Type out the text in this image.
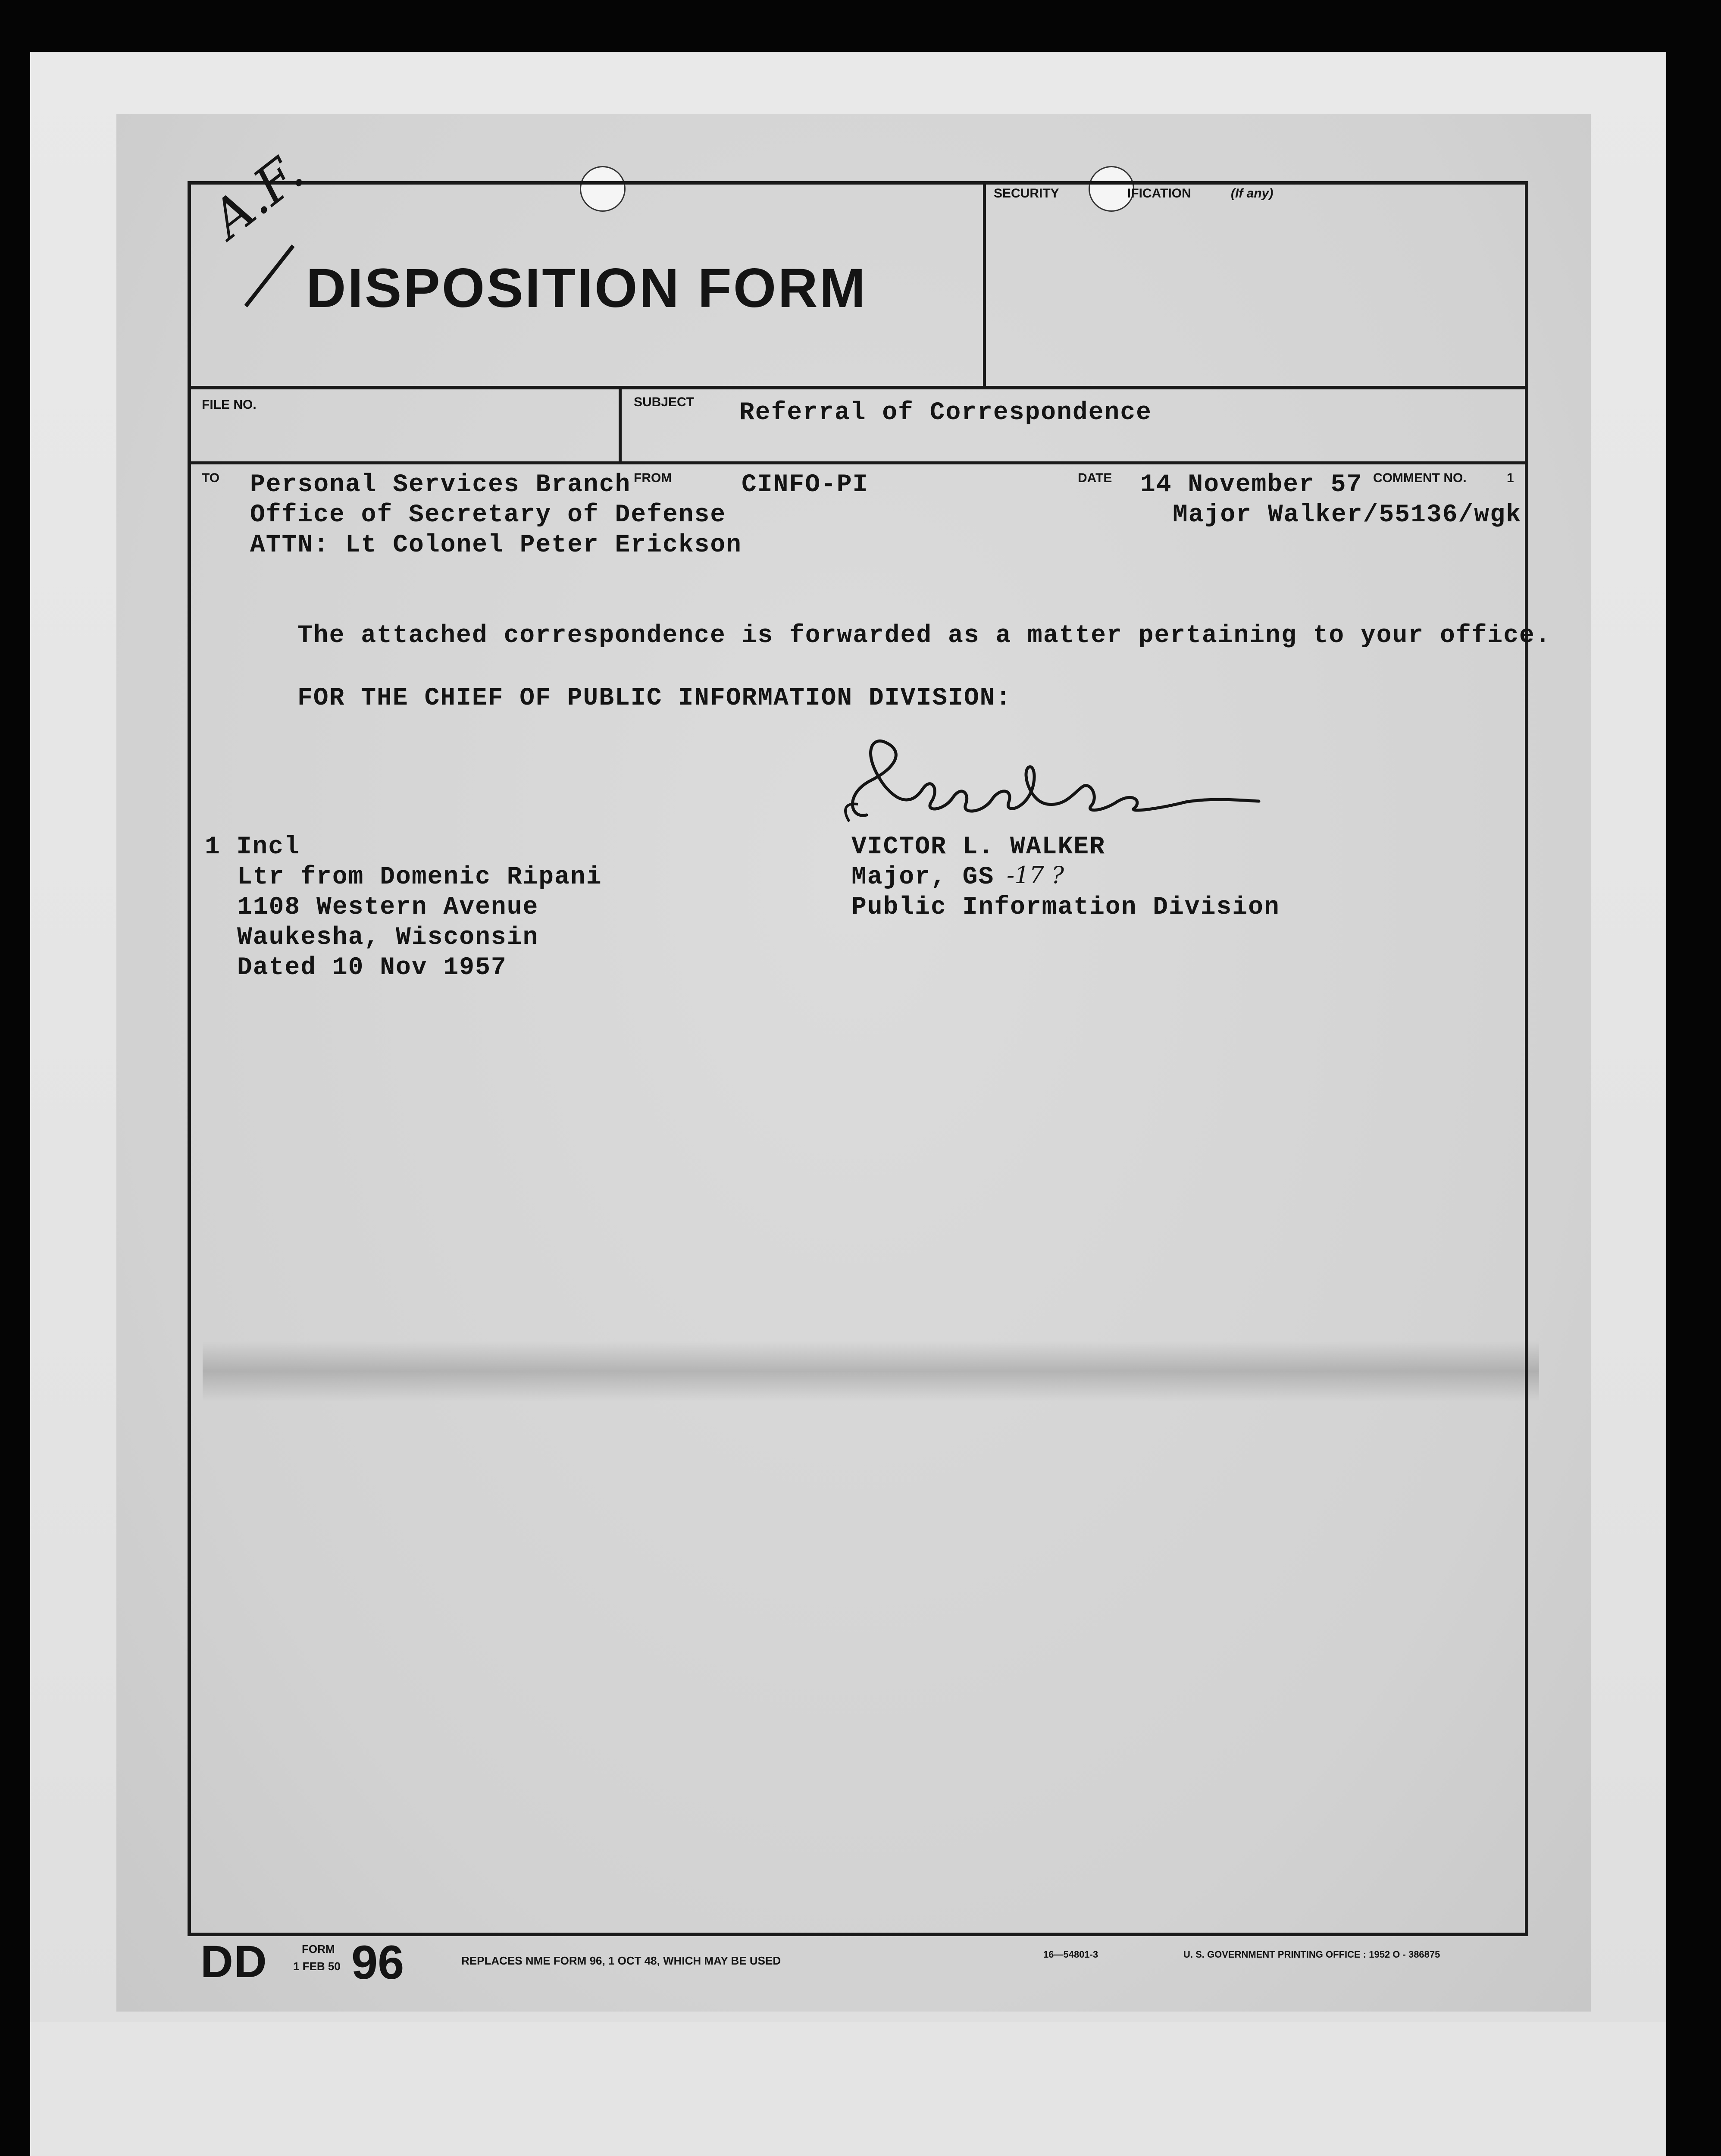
A.F.
DISPOSITION FORM
SECURITY	IFICATION	(If any)
FILE NO.	SUBJECT Referral of Correspondence
TO Personal Services Branch
Office of Secretary of Defense
ATTN: Lt Colonel Peter Erickson
FROM	CINFO-PI	DATE 14 November 57 COMMENT NO.	1
Major Walker/55136/wgk
The attached correspondence is forwarded as a matter pertaining to your office.
FOR THE CHIEF OF PUBLIC INFORMATION DIVISION:
1 Incl
Ltr from Domenic Ripani
1108 Western Avenue
Waukesha, Wisconsin
Dated 10 Nov 1957
VICTOR L. WALKER
Major, GS -17 ?
Public Information Division
DD	FORM
1 FEB 50 96	REPLACES NME FORM 96, 1 OCT 48, WHICH MAY BE USED	16—54801-3	U. S. GOVERNMENT PRINTING OFFICE : 1952 O - 386875
